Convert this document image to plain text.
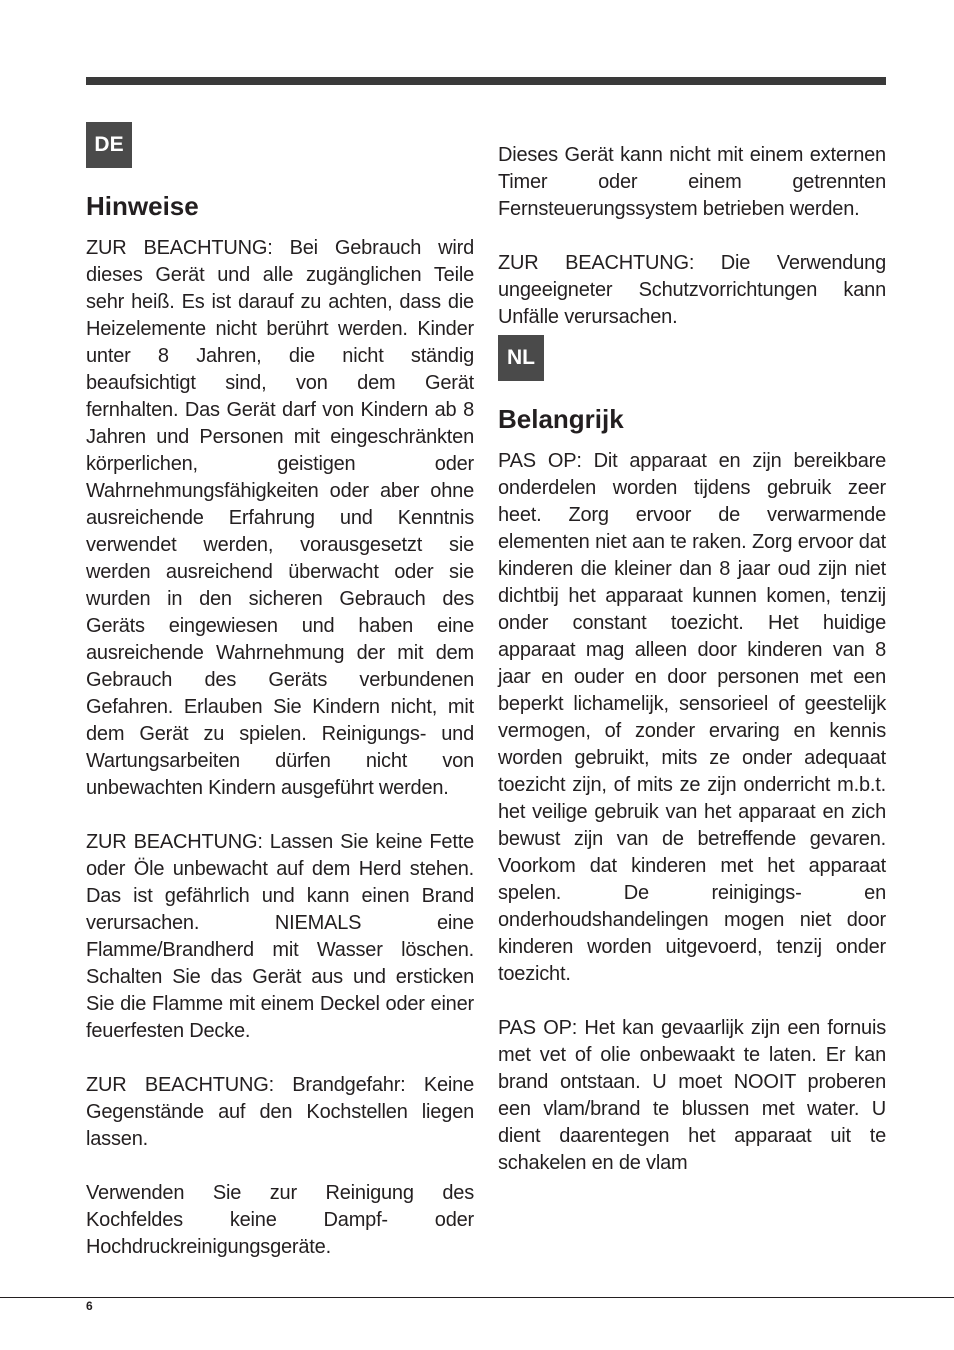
DE
Hinweise

ZUR BEACHTUNG: Bei Gebrauch wird dieses Gerät und alle zugänglichen Teile sehr heiß. Es ist darauf zu achten, dass die Heizelemente nicht berührt werden. Kinder unter 8 Jahren, die nicht ständig beaufsichtigt sind, von dem Gerät fernhalten. Das Gerät darf von Kindern ab 8 Jahren und Personen mit eingeschränkten körperlichen, geistigen oder Wahrnehmungsfähigkeiten oder aber ohne ausreichende Erfahrung und Kenntnis verwendet werden, vorausgesetzt sie werden ausreichend überwacht oder sie wurden in den sicheren Gebrauch des Geräts eingewiesen und haben eine ausreichende Wahrnehmung der mit dem Gebrauch des Geräts verbundenen Gefahren. Erlauben Sie Kindern nicht, mit dem Gerät zu spielen. Reinigungs- und Wartungsarbeiten dürfen nicht von unbewachten Kindern ausgeführt werden.

ZUR BEACHTUNG: Lassen Sie keine Fette oder Öle unbewacht auf dem Herd stehen. Das ist gefährlich und kann einen Brand verursachen. NIEMALS eine Flamme/Brandherd mit Wasser löschen. Schalten Sie das Gerät aus und ersticken Sie die Flamme mit einem Deckel oder einer feuerfesten Decke.

ZUR BEACHTUNG: Brandgefahr: Keine Gegenstände auf den Kochstellen liegen lassen.

Verwenden Sie zur Reinigung des Kochfeldes keine Dampf- oder Hochdruckreinigungsgeräte.

Dieses Gerät kann nicht mit einem externen Timer oder einem getrennten Fernsteuerungssystem betrieben werden.

ZUR BEACHTUNG: Die Verwendung ungeeigneter Schutzvorrichtungen kann Unfälle verursachen.

NL
Belangrijk

PAS OP: Dit apparaat en zijn bereikbare onderdelen worden tijdens gebruik zeer heet. Zorg ervoor de verwarmende elementen niet aan te raken. Zorg ervoor dat kinderen die kleiner dan 8 jaar oud zijn niet dichtbij het apparaat kunnen komen, tenzij onder constant toezicht. Het huidige apparaat mag alleen door kinderen van 8 jaar en ouder en door personen met een beperkt lichamelijk, sensorieel of geestelijk vermogen, of zonder ervaring en kennis worden gebruikt, mits ze onder adequaat toezicht zijn, of mits ze zijn onderricht m.b.t. het veilige gebruik van het apparaat en zich bewust zijn van de betreffende gevaren. Voorkom dat kinderen met het apparaat spelen. De reinigings- en onderhoudshandelingen mogen niet door kinderen worden uitgevoerd, tenzij onder toezicht.

PAS OP: Het kan gevaarlijk zijn een fornuis met vet of olie onbewaakt te laten. Er kan brand ontstaan. U moet NOOIT proberen een vlam/brand te blussen met water. U dient daarentegen het apparaat uit te schakelen en de vlam

6
